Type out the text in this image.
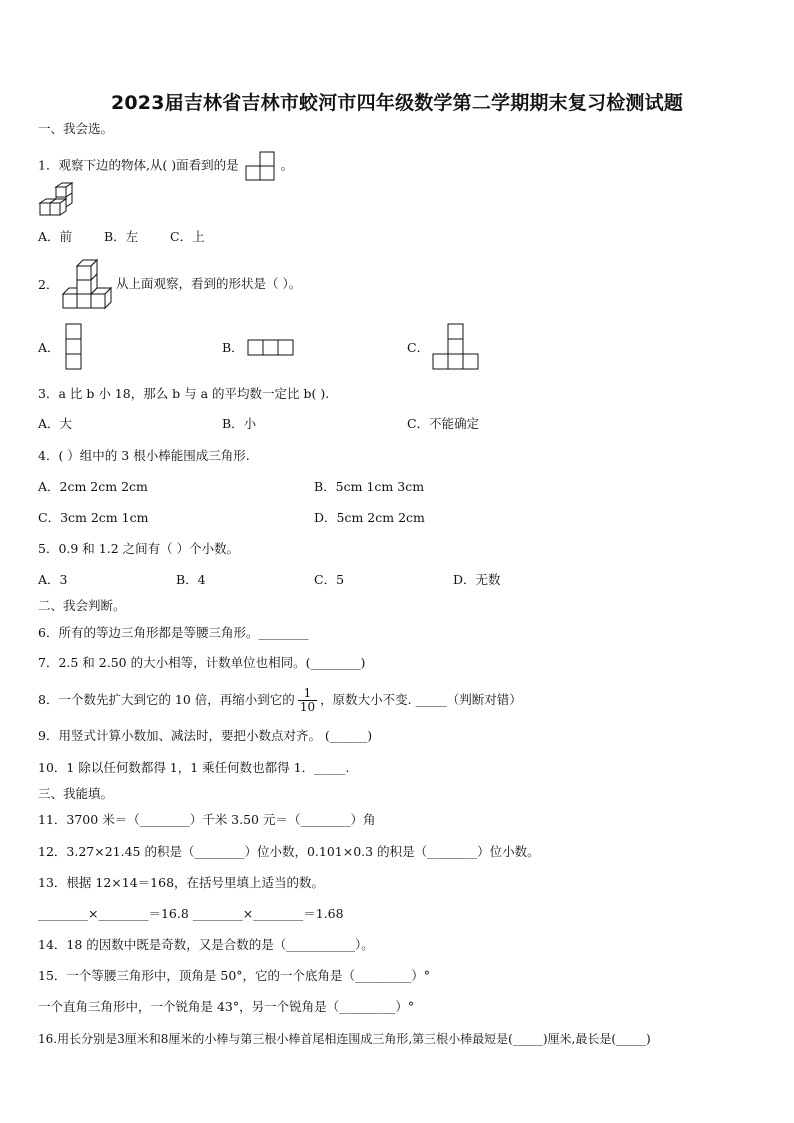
2023届吉林省吉林市蛟河市四年级数学第二学期期末复习检测试题
一、我会选。
1．观察下边的物体,从( )面看到的是	。
A．前	B．左	C．上
2．	从上面观察，看到的形状是（ ）。
A．	B．	C．
3．a 比 b 小 18，那么 b 与 a 的平均数一定比 b( ).
A．大	B．小	C．不能确定
4．( ）组中的 3 根小棒能围成三角形.
A．2cm 2cm 2cm	B．5cm 1cm 3cm
C．3cm 2cm 1cm	D．5cm 2cm 2cm
5．0.9 和 1.2 之间有（ ）个小数。
A．3	B．4	C．5	D．无数
二、我会判断。
6．所有的等边三角形都是等腰三角形。________
7．2.5 和 2.50 的大小相等，计数单位也相同。(________)
8．一个数先扩大到它的 10 倍，再缩小到它的 $\frac{1}{10}$ ，原数大小不变. _____（判断对错）
9．用竖式计算小数加、减法时，要把小数点对齐。 (______)
10．1 除以任何数都得 1，1 乘任何数也都得 1．_____.
三、我能填。
11．3700 米＝（________）千米 3.50 元＝（________）角
12．3.27×21.45 的积是（________）位小数，0.101×0.3 的积是（________）位小数。
13．根据 12×14＝168，在括号里填上适当的数。
________×________＝16.8 ________×________＝1.68
14．18 的因数中既是奇数，又是合数的是（___________）。
15．一个等腰三角形中，顶角是 50°，它的一个底角是（_________）°
一个直角三角形中，一个锐角是 43°，另一个锐角是（_________）°
16.用长分别是3厘米和8厘米的小棒与第三根小棒首尾相连围成三角形,第三根小棒最短是(_____)厘米,最长是(_____)
